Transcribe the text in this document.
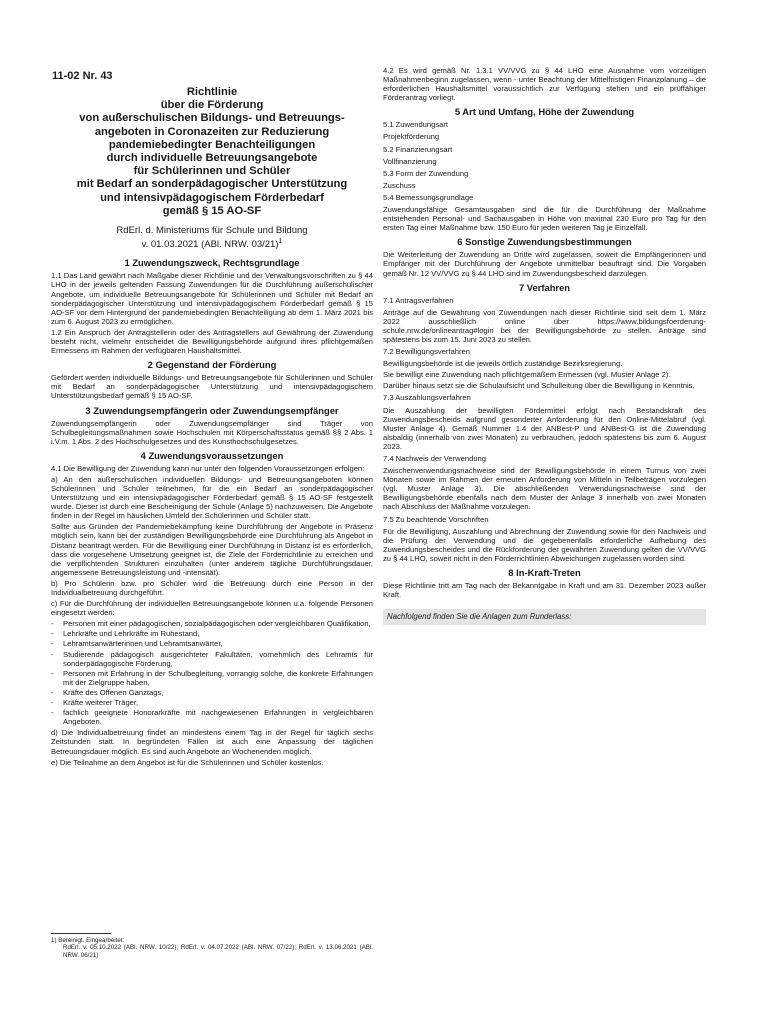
11-02 Nr. 43
Richtlinie
über die Förderung
von außerschulischen Bildungs- und Betreuungs-
angeboten in Coronazeiten zur Reduzierung
pandemiebedingter Benachteiligungen
durch individuelle Betreuungsangebote
für Schülerinnen und Schüler
mit Bedarf an sonderpädagogischer Unterstützung
und intensivpädagogischem Förderbedarf
gemäß § 15 AO-SF
RdErl. d. Ministeriums für Schule und Bildung
v. 01.03.2021 (ABl. NRW. 03/21)$^1$
1 Zuwendungszweck, Rechtsgrundlage

1.1 Das Land gewährt nach Maßgabe dieser Richtlinie und der Verwaltungsvorschriften zu § 44 LHO in der jeweils geltenden Fassung Zuwendungen für die Durchführung außerschulischer Angebote, um individuelle Betreuungsangebote für Schülerinnen und Schüler mit Bedarf an sonderpädagogischer Unterstützung und intensivpädagogischem Förderbedarf gemäß § 15 AO-SF vor dem Hintergrund der pandemiebedingten Benachteiligung ab dem 1. März 2021 bis zum 6. August 2023 zu ermöglichen.

1.2 Ein Anspruch der Antragstellerin oder des Antragstellers auf Gewährung der Zuwendung besteht nicht, vielmehr entscheidet die Bewilligungsbehörde aufgrund ihres pflichtgemäßen Ermessens im Rahmen der verfügbaren Haushaltsmittel.

2 Gegenstand der Förderung

Gefördert werden individuelle Bildungs- und Betreuungsangebote für Schülerinnen und Schüler mit Bedarf an sonderpädagogischer Unterstützung und intensivpädagogischem Unterstützungsbedarf gemäß § 15 AO-SF.

3 Zuwendungsempfängerin oder Zuwendungsempfänger

Zuwendungsempfängerin oder Zuwendungsempfänger sind Träger von Schulbegleitungsmaßnahmen sowie Hochschulen mit Körperschaftsstatus gemäß §§ 2 Abs. 1 i.V.m. 1 Abs. 2 des Hochschulgesetzes und des Kunsthochschulgesetzes.

4 Zuwendungsvoraussetzungen

4.1 Die Bewilligung der Zuwendung kann nur unter den folgenden Voraussetzungen erfolgen:

a) An den außerschulischen individuellen Bildungs- und Betreuungsangeboten können Schülerinnen und Schüler teilnehmen, für die ein Bedarf an sonderpädagogischer Unterstützung und ein intensivpädagogischer Förderbedarf gemäß § 15 AO-SF festgestellt wurde. Dieser ist durch eine Bescheinigung der Schule (Anlage 5) nachzuweisen. Die Angebote finden in der Regel im häuslichen Umfeld der Schülerinnen und Schüler statt.

Sollte aus Gründen der Pandemiebekämpfung keine Durchführung der Angebote in Präsenz möglich sein, kann bei der zuständigen Bewilligungsbehörde eine Durchführung als Angebot in Distanz beantragt werden. Für die Bewilligung einer Durchführung in Distanz ist es erforderlich, dass die vorgesehene Umsetzung geeignet ist, die Ziele der Förderrichtlinie zu erreichen und die verpflichtenden Strukturen einzuhalten (unter anderem tägliche Durchführungsdauer, angemessene Betreuungsleistung und -intensität).

b) Pro Schülerin bzw. pro Schüler wird die Betreuung durch eine Person in der Individualbetreuung durchgeführt.

c) Für die Durchführung der individuellen Betreuungsangebote können u.a. folgende Personen eingesetzt werden:

- Personen mit einer pädagogischen, sozialpädagogischen oder vergleichbaren Qualifikation,
- Lehrkräfte und Lehrkräfte im Ruhestand,
- Lehramtsanwärterinnen und Lehramtsanwärter,
- Studierende pädagogisch ausgerichteter Fakultäten, vornehmlich des Lehramts für sonderpädagogische Förderung,
- Personen mit Erfahrung in der Schulbegleitung, vorrangig solche, die konkrete Erfahrungen mit der Zielgruppe haben,
- Kräfte des Offenen Ganztags,
- Kräfte weiterer Träger,
- fachlich geeignete Honorarkräfte mit nachgewiesenen Erfahrungen in vergleichbaren Angeboten.

d) Die Individualbetreuung findet an mindestens einem Tag in der Regel für täglich sechs Zeitstunden statt. In begründeten Fällen ist auch eine Anpassung der täglichen Betreuungsdauer möglich. Es sind auch Angebote an Wochenenden möglich.

e) Die Teilnahme an dem Angebot ist für die Schülerinnen und Schüler kostenlos.

1) Bereinigt. Eingearbeitet:

RdErl. v. 05.10.2022 (ABl. NRW. 10/22); RdErl. v. 04.07.2022 (ABl. NRW. 07/22); RdErl. v. 13.06.2021 (ABl. NRW. 06/21)

4.2 Es wird gemäß Nr. 1.3.1 VV/VVG zu § 44 LHO eine Ausnahme vom vorzeitigen Maßnahmenbeginn zugelassen, wenn - unter Beachtung der Mittelfristigen Finanzplanung – die erforderlichen Haushaltsmittel voraussichtlich zur Verfügung stehen und ein prüffähiger Förderantrag vorliegt.

5 Art und Umfang, Höhe der Zuwendung
5.1 Zuwendungsart
Projektförderung
5.2 Finanzierungsart
Vollfinanzierung
5.3 Form der Zuwendung
Zuschuss
5.4 Bemessungsgrundlage

Zuwendungsfähige Gesamtausgaben sind die für die Durchführung der Maßnahme entstehenden Personal- und Sachausgaben in Höhe von maximal 230 Euro pro Tag für den ersten Tag einer Maßnahme bzw. 150 Euro für jeden weiteren Tag je Einzelfall.

6 Sonstige Zuwendungsbestimmungen

Die Weiterleitung der Zuwendung an Dritte wird zugelassen, soweit die Empfängerinnen und Empfänger mit der Durchführung der Angebote unmittelbar beauftragt sind. Die Vorgaben gemäß Nr. 12 VV/VVG zu § 44 LHO sind im Zuwendungsbescheid darzulegen.

7 Verfahren
7.1 Antragsverfahren

Anträge auf die Gewährung von Zuwendungen nach dieser Richtlinie sind seit dem 1. März 2022 ausschließlich online über https://www.bildungsfoerderung-schule.nrw.de/onlineantrag#login bei der Bewilligungsbehörde zu stellen. Anträge sind spätestens bis zum 15. Juni 2023 zu stellen.

7.2 Bewilligungsverfahren

Bewilligungsbehörde ist die jeweils örtlich zuständige Bezirksregierung.

Sie bewilligt eine Zuwendung nach pflichtgemäßem Ermessen (vgl. Muster Anlage 2).

Darüber hinaus setzt sie die Schulaufsicht und Schulleitung über die Bewilligung in Kenntnis.

7.3 Auszahlungsverfahren

Die Auszahlung der bewilligten Fördermittel erfolgt nach Bestandskraft des Zuwendungsbescheids aufgrund gesonderter Anforderung für den Online-Mittelabruf (vgl. Muster Anlage 4). Gemäß Nummer 1.4 der ANBest-P und ANBest-G ist die Zuwendung alsbaldig (innerhalb von zwei Monaten) zu verbrauchen, jedoch spätestens bis zum 6. August 2023.

7.4 Nachweis der Verwendung

Zwischenverwendungsnachweise sind der Bewilligungsbehörde in einem Turnus von zwei Monaten sowie im Rahmen der erneuten Anforderung von Mitteln in Teilbeträgen vorzulegen (vgl. Muster Anlage 3). Die abschließenden Verwendungsnachweise sind der Bewilligungsbehörde ebenfalls nach dem Muster der Anlage 3 innerhalb von zwei Monaten nach Abschluss der Maßnahme vorzulegen.

7.5 Zu beachtende Vorschriften

Für die Bewilligung, Auszahlung und Abrechnung der Zuwendung sowie für den Nachweis und die Prüfung der Verwendung und die gegebenenfalls erforderliche Aufhebung des Zuwendungsbescheides und die Rückforderung der gewährten Zuwendung gelten die VV/VVG zu § 44 LHO, soweit nicht in den Förderrichtlinien Abweichungen zugelassen worden sind.

8 In-Kraft-Treten

Diese Richtlinie tritt am Tag nach der Bekanntgabe in Kraft und am 31. Dezember 2023 außer Kraft.

Nachfolgend finden Sie die Anlagen zum Runderlass:
